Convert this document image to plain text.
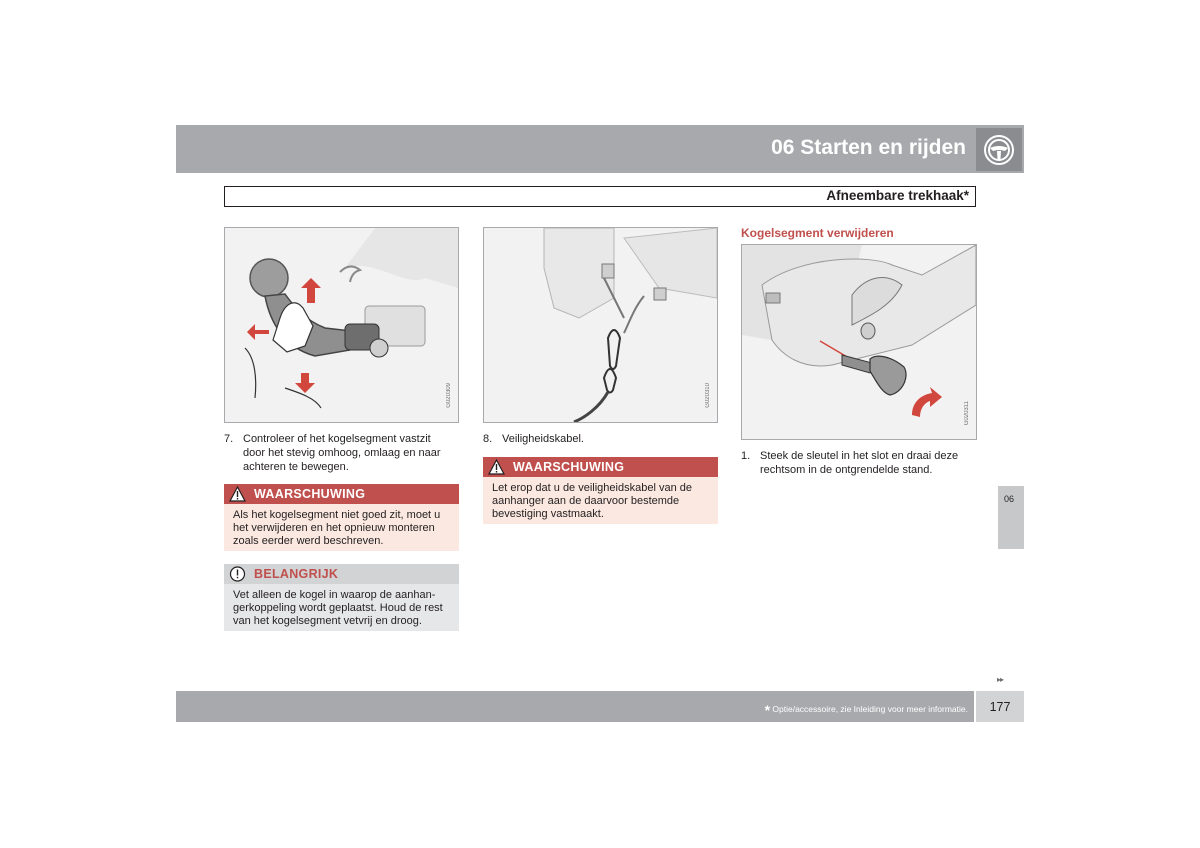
06 Starten en rijden
Afneembare trekhaak*
G020309
7. Controleer of het kogelsegment vastzit door het stevig omhoog, omlaag en naar achteren te bewegen.
WAARSCHUWING
Als het kogelsegment niet goed zit, moet u het verwijderen en het opnieuw monteren zoals eerder werd beschreven.
BELANGRIJK
Vet alleen de kogel in waarop de aanhan-gerkoppeling wordt geplaatst. Houd de rest van het kogelsegment vetvrij en droog.
G020310
8. Veiligheidskabel.
WAARSCHUWING
Let erop dat u de veiligheidskabel van de aanhanger aan de daarvoor bestemde bevestiging vastmaakt.
Kogelsegment verwijderen
G020311
1. Steek de sleutel in het slot en draai deze rechtsom in de ontgrendelde stand.
06
▸▸
* Optie/accessoire, zie Inleiding voor meer informatie.	177
